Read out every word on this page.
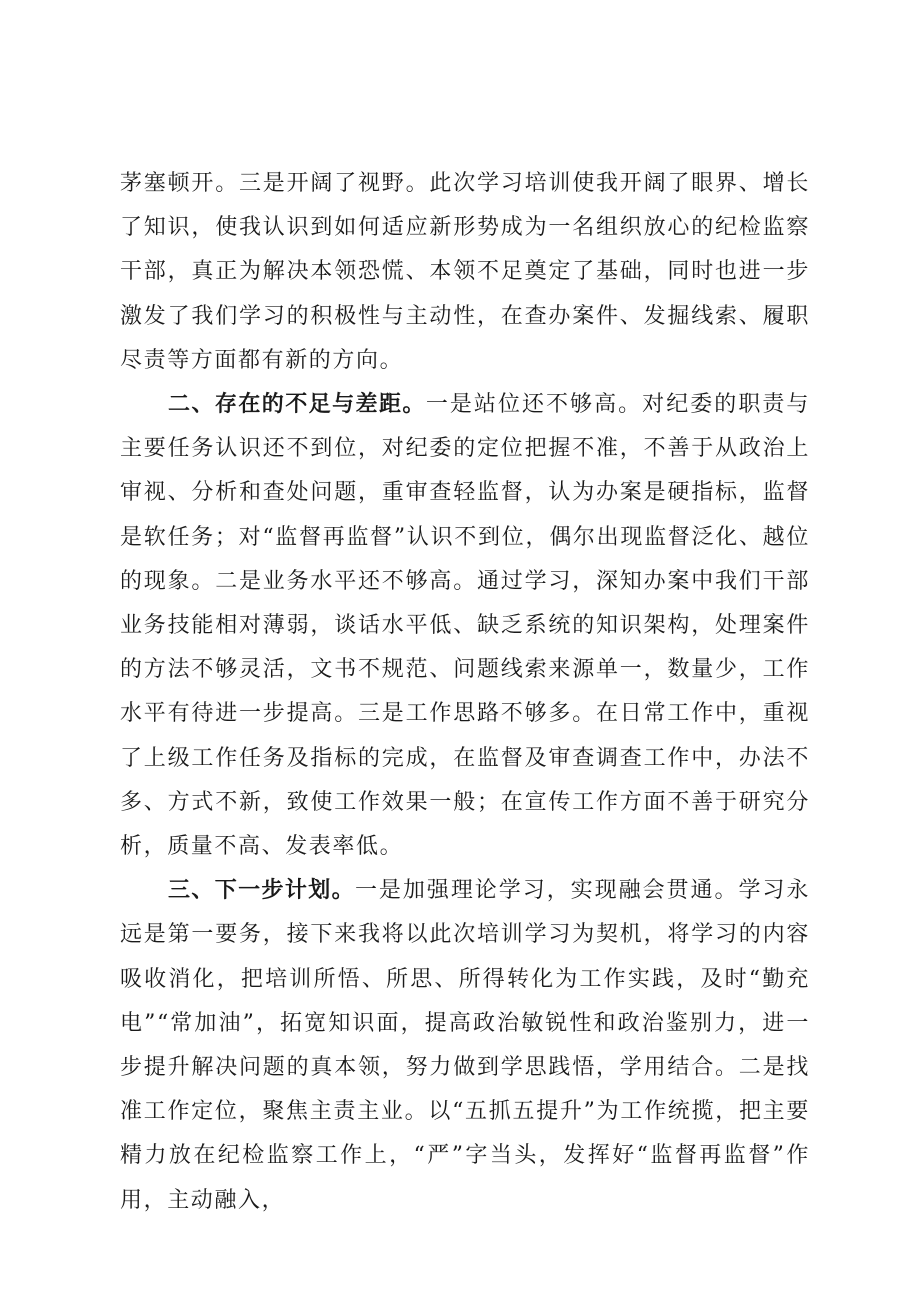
茅塞顿开。三是开阔了视野。此次学习培训使我开阔了眼界、增长了知识，使我认识到如何适应新形势成为一名组织放心的纪检监察干部，真正为解决本领恐慌、本领不足奠定了基础，同时也进一步激发了我们学习的积极性与主动性，在查办案件、发掘线索、履职尽责等方面都有新的方向。

二、存在的不足与差距。一是站位还不够高。对纪委的职责与主要任务认识还不到位，对纪委的定位把握不准，不善于从政治上审视、分析和查处问题，重审查轻监督，认为办案是硬指标，监督是软任务；对“监督再监督”认识不到位，偶尔出现监督泛化、越位的现象。二是业务水平还不够高。通过学习，深知办案中我们干部业务技能相对薄弱，谈话水平低、缺乏系统的知识架构，处理案件的方法不够灵活，文书不规范、问题线索来源单一，数量少，工作水平有待进一步提高。三是工作思路不够多。在日常工作中，重视了上级工作任务及指标的完成，在监督及审查调查工作中，办法不多、方式不新，致使工作效果一般；在宣传工作方面不善于研究分析，质量不高、发表率低。

三、下一步计划。一是加强理论学习，实现融会贯通。学习永远是第一要务，接下来我将以此次培训学习为契机，将学习的内容吸收消化，把培训所悟、所思、所得转化为工作实践，及时“勤充电”“常加油”，拓宽知识面，提高政治敏锐性和政治鉴别力，进一步提升解决问题的真本领，努力做到学思践悟，学用结合。二是找准工作定位，聚焦主责主业。以“五抓五提升”为工作统揽，把主要精力放在纪检监察工作上，“严”字当头，发挥好“监督再监督”作用，主动融入，
